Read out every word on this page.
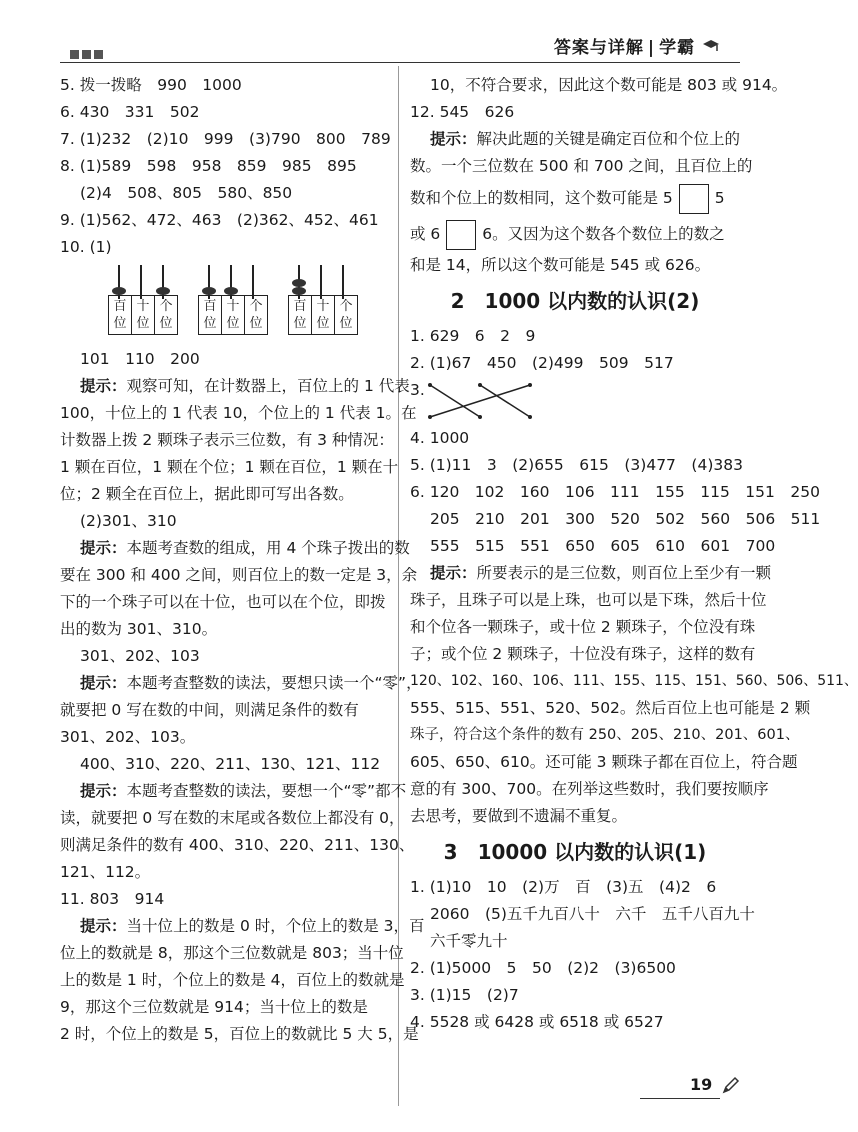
答案与详解 | 学霸
5. 拨一拨略　990　1000
6. 430　331　502
7. (1)232　(2)10　999　(3)790　800　789
8. (1)589　598　958　859　985　895
(2)4　508、805　580、850
9. (1)562、472、463　(2)362、452、461
10. (1)
百位
十位
个位
百位
十位
个位
百位
十位
个位
101　110　200
提示：观察可知，在计数器上，百位上的 1 代表
100，十位上的 1 代表 10，个位上的 1 代表 1。在
计数器上拨 2 颗珠子表示三位数，有 3 种情况：
1 颗在百位，1 颗在个位；1 颗在百位，1 颗在十
位；2 颗全在百位上，据此即可写出各数。
(2)301、310
提示：本题考查数的组成，用 4 个珠子拨出的数
要在 300 和 400 之间，则百位上的数一定是 3，余
下的一个珠子可以在十位，也可以在个位，即拨
出的数为 301、310。
301、202、103
提示：本题考查整数的读法，要想只读一个“零”，
就要把 0 写在数的中间，则满足条件的数有
301、202、103。
400、310、220、211、130、121、112
提示：本题考查整数的读法，要想一个“零”都不
读，就要把 0 写在数的末尾或各数位上都没有 0，
则满足条件的数有 400、310、220、211、130、
121、112。
11. 803　914
提示：当十位上的数是 0 时，个位上的数是 3，百
位上的数就是 8，那这个三位数就是 803；当十位
上的数是 1 时，个位上的数是 4，百位上的数就是
9，那这个三位数就是 914；当十位上的数是
2 时，个位上的数是 5，百位上的数就比 5 大 5，是
10，不符合要求，因此这个数可能是 803 或 914。
12. 545　626
提示：解决此题的关键是确定百位和个位上的
数。一个三位数在 500 和 700 之间，且百位上的
数和个位上的数相同，这个数可能是 5	5
或 6	6。又因为这个数各个数位上的数之
和是 14，所以这个数可能是 545 或 626。
2　1000 以内数的认识(2)
1. 629　6　2　9
2. (1)67　450　(2)499　509　517
3.
4. 1000
5. (1)11　3　(2)655　615　(3)477　(4)383
6. 120　102　160　106　111　155　115　151　250
205　210　201　300　520　502　560　506　511
555　515　551　650　605　610　601　700
提示：所要表示的是三位数，则百位上至少有一颗
珠子，且珠子可以是上珠，也可以是下珠，然后十位
和个位各一颗珠子，或十位 2 颗珠子，个位没有珠
子；或个位 2 颗珠子，十位没有珠子，这样的数有
120、102、160、106、111、155、115、151、560、506、511、
555、515、551、520、502。然后百位上也可能是 2 颗
珠子，符合这个条件的数有 250、205、210、201、601、
605、650、610。还可能 3 颗珠子都在百位上，符合题
意的有 300、700。在列举这些数时，我们要按顺序
去思考，要做到不遗漏不重复。
3　10000 以内数的认识(1)
1. (1)10　10　(2)万　百　(3)五　(4)2　6
2060　(5)五千九百八十　六千　五千八百九十
六千零九十
2. (1)5000　5　50　(2)2　(3)6500
3. (1)15　(2)7
4. 5528 或 6428 或 6518 或 6527
19
